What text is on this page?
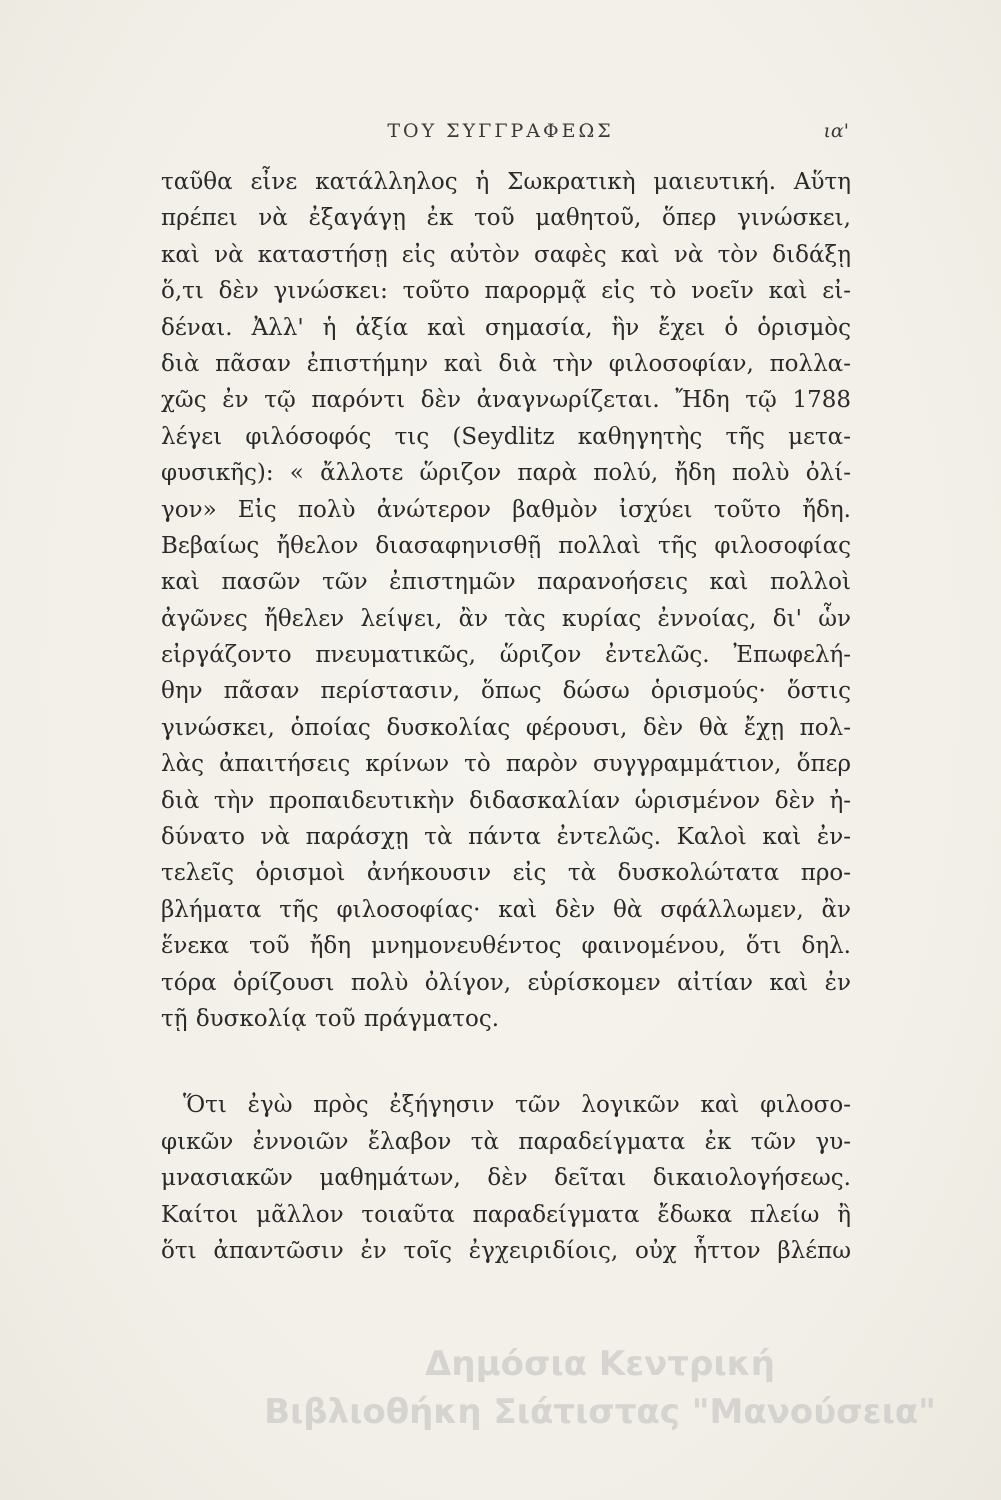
ΤΟΥ ΣΥΓΓΡΑΦΕΩΣ	ια'
ταῦθα εἶνε κατάλληλος ἡ Σωκρατικὴ μαιευτική. Αὕτη
πρέπει νὰ ἐξαγάγῃ ἐκ τοῦ μαθητοῦ, ὅπερ γινώσκει,
καὶ νὰ καταστήσῃ εἰς αὐτὸν σαφὲς καὶ νὰ τὸν διδάξῃ
ὅ,τι δὲν γινώσκει: τοῦτο παρορμᾷ εἰς τὸ νοεῖν καὶ εἰ-
δέναι. Ἀλλ' ἡ ἀξία καὶ σημασία, ἣν ἔχει ὁ ὁρισμὸς
διὰ πᾶσαν ἐπιστήμην καὶ διὰ τὴν φιλοσοφίαν, πολλα-
χῶς ἐν τῷ παρόντι δὲν ἀναγνωρίζεται. Ἤδη τῷ 1788
λέγει φιλόσοφός τις (Seydlitz καθηγητὴς τῆς μετα-
φυσικῆς): « ἄλλοτε ὥριζον παρὰ πολύ, ἤδη πολὺ ὀλί-
γον» Εἰς πολὺ ἀνώτερον βαθμὸν ἰσχύει τοῦτο ἤδη.
Βεβαίως ἤθελον διασαφηνισθῇ πολλαὶ τῆς φιλοσοφίας
καὶ πασῶν τῶν ἐπιστημῶν παρανοήσεις καὶ πολλοὶ
ἀγῶνες ἤθελεν λείψει, ἂν τὰς κυρίας ἐννοίας, δι' ὧν
εἰργάζοντο πνευματικῶς, ὥριζον ἐντελῶς. Ἐπωφελή-
θην πᾶσαν περίστασιν, ὅπως δώσω ὁρισμούς· ὅστις
γινώσκει, ὁποίας δυσκολίας φέρουσι, δὲν θὰ ἔχῃ πολ-
λὰς ἀπαιτήσεις κρίνων τὸ παρὸν συγγραμμάτιον, ὅπερ
διὰ τὴν προπαιδευτικὴν διδασκαλίαν ὡρισμένον δὲν ἠ-
δύνατο νὰ παράσχῃ τὰ πάντα ἐντελῶς. Καλοὶ καὶ ἐν-
τελεῖς ὁρισμοὶ ἀνήκουσιν εἰς τὰ δυσκολώτατα προ-
βλήματα τῆς φιλοσοφίας· καὶ δὲν θὰ σφάλλωμεν, ἂν
ἕνεκα τοῦ ἤδη μνημονευθέντος φαινομένου, ὅτι δηλ.
τόρα ὁρίζουσι πολὺ ὀλίγον, εὑρίσκομεν αἰτίαν καὶ ἐν
τῇ δυσκολίᾳ τοῦ πράγματος.
Ὅτι ἐγὼ πρὸς ἐξήγησιν τῶν λογικῶν καὶ φιλοσο-
φικῶν ἐννοιῶν ἔλαβον τὰ παραδείγματα ἐκ τῶν γυ-
μνασιακῶν μαθημάτων, δὲν δεῖται δικαιολογήσεως.
Καίτοι μᾶλλον τοιαῦτα παραδείγματα ἔδωκα πλείω ἢ
ὅτι ἀπαντῶσιν ἐν τοῖς ἐγχειριδίοις, οὐχ ἧττον βλέπω
Δημόσια Κεντρική
Βιβλιοθήκη Σιάτιστας "Μανούσεια"
